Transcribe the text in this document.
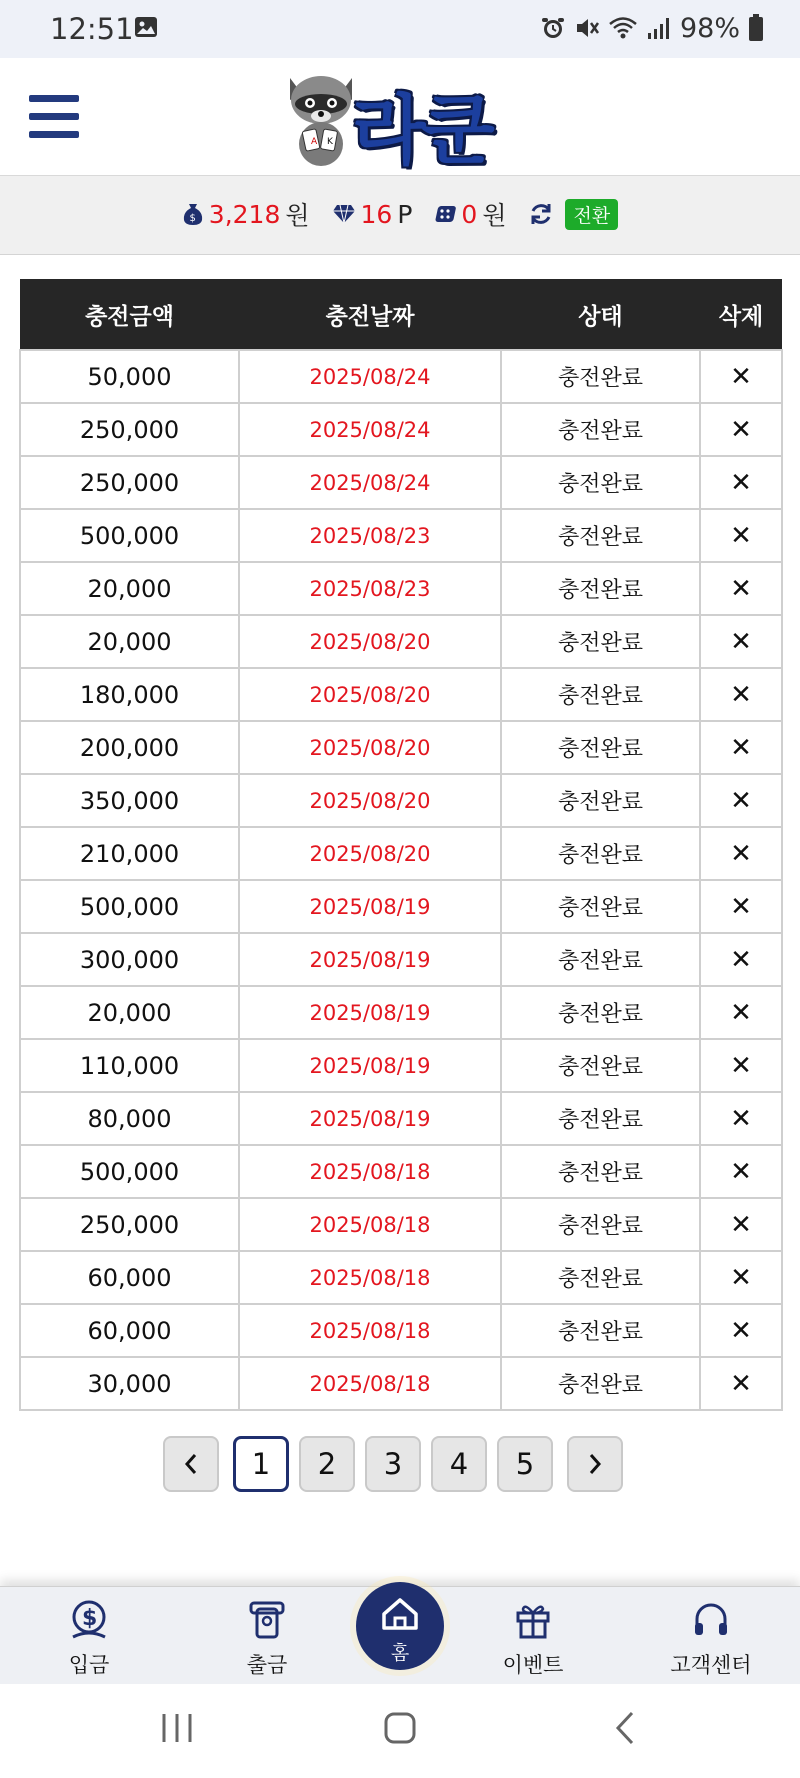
12:51	98%
A K 라쿤
$ 3,218 원 16 P 0 원	전환
충전금액	충전날짜	상태	삭제
50,000	2025/08/24	충전완료	✕
250,000	2025/08/24	충전완료	✕
250,000	2025/08/24	충전완료	✕
500,000	2025/08/23	충전완료	✕
20,000	2025/08/23	충전완료	✕
20,000	2025/08/20	충전완료	✕
180,000	2025/08/20	충전완료	✕
200,000	2025/08/20	충전완료	✕
350,000	2025/08/20	충전완료	✕
210,000	2025/08/20	충전완료	✕
500,000	2025/08/19	충전완료	✕
300,000	2025/08/19	충전완료	✕
20,000	2025/08/19	충전완료	✕
110,000	2025/08/19	충전완료	✕
80,000	2025/08/19	충전완료	✕
500,000	2025/08/18	충전완료	✕
250,000	2025/08/18	충전완료	✕
60,000	2025/08/18	충전완료	✕
60,000	2025/08/18	충전완료	✕
30,000	2025/08/18	충전완료	✕
1	2	3	4	5
$
입금	출금	이벤트	고객센터
홈
